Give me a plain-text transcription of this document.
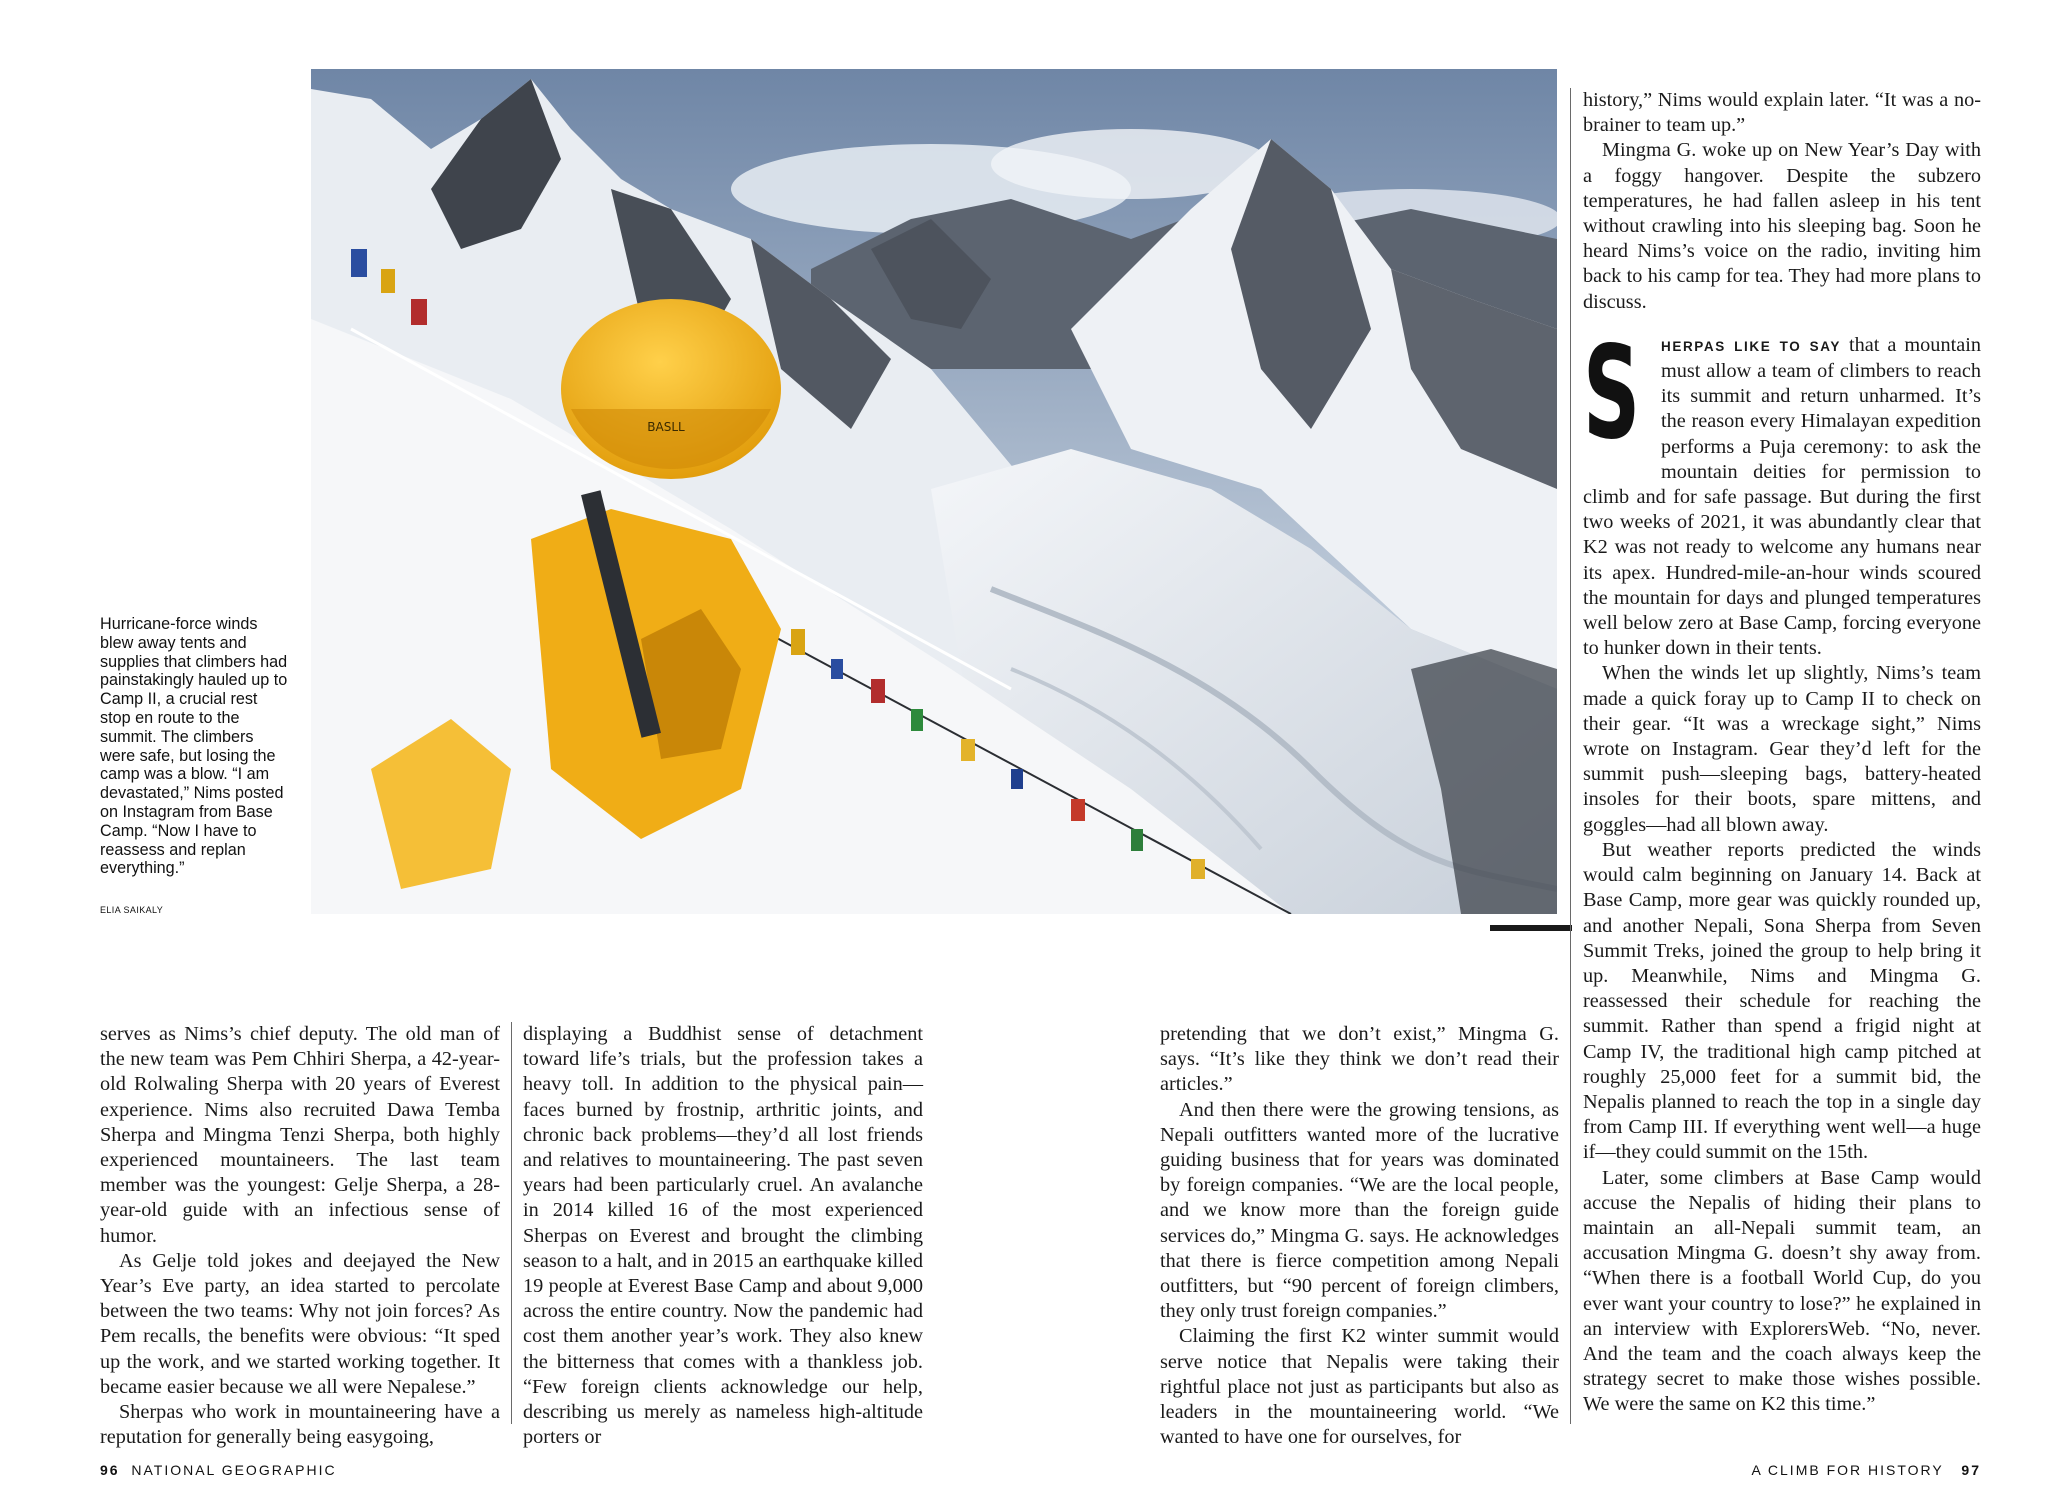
BASLL
Hurricane-force winds blew away tents and supplies that climbers had painstakingly hauled up to Camp II, a crucial rest stop en route to the summit. The climbers were safe, but losing the camp was a blow. “I am devastated,” Nims posted on Instagram from Base Camp. “Now I have to reassess and replan everything.”
ELIA SAIKALY

serves as Nims’s chief deputy. The old man of the new team was Pem Chhiri Sherpa, a 42-year-old Rolwaling Sherpa with 20 years of Everest experience. Nims also recruited Dawa Temba Sherpa and Mingma Tenzi Sherpa, both highly experienced mountaineers. The last team member was the youngest: Gelje Sherpa, a 28-year-old guide with an infectious sense of humor.

As Gelje told jokes and deejayed the New Year’s Eve party, an idea started to percolate between the two teams: Why not join forces? As Pem recalls, the benefits were obvious: “It sped up the work, and we started working together. It became easier because we all were Nepalese.”

Sherpas who work in mountaineering have a reputation for generally being easygoing,

displaying a Buddhist sense of detachment toward life’s trials, but the profession takes a heavy toll. In addition to the physical pain—faces burned by frostnip, arthritic joints, and chronic back problems—they’d all lost friends and relatives to mountaineering. The past seven years had been particularly cruel. An avalanche in 2014 killed 16 of the most experienced Sherpas on Everest and brought the climbing season to a halt, and in 2015 an earthquake killed 19 people at Everest Base Camp and about 9,000 across the entire country. Now the pandemic had cost them another year’s work. They also knew the bitterness that comes with a thankless job. “Few foreign clients acknowledge our help, describing us merely as nameless high-altitude porters or

pretending that we don’t exist,” Mingma G. says. “It’s like they think we don’t read their articles.”

And then there were the growing tensions, as Nepali outfitters wanted more of the lucrative guiding business that for years was dominated by foreign companies. “We are the local people, and we know more than the foreign guide services do,” Mingma G. says. He acknowledges that there is fierce competition among Nepali outfitters, but “90 percent of foreign climbers, they only trust foreign companies.”

Claiming the first K2 winter summit would serve notice that Nepalis were taking their rightful place not just as participants but also as leaders in the mountaineering world. “We wanted to have one for ourselves, for

history,” Nims would explain later. “It was a no-brainer to team up.”

Mingma G. woke up on New Year’s Day with a foggy hangover. Despite the subzero temperatures, he had fallen asleep in his tent without crawling into his sleeping bag. Soon he heard Nims’s voice on the radio, inviting him back to his camp for tea. They had more plans to discuss.

S HERPAS LIKE TO SAY that a mountain must allow a team of climbers to reach its summit and return unharmed. It’s the reason every Himalayan expedition performs a Puja ceremony: to ask the mountain deities for permission to climb and for safe passage. But during the first two weeks of 2021, it was abundantly clear that K2 was not ready to welcome any humans near its apex. Hundred-mile-an-hour winds scoured the mountain for days and plunged temperatures well below zero at Base Camp, forcing everyone to hunker down in their tents.

When the winds let up slightly, Nims’s team made a quick foray up to Camp II to check on their gear. “It was a wreckage sight,” Nims wrote on Instagram. Gear they’d left for the summit push—sleeping bags, battery-heated insoles for their boots, spare mittens, and goggles—had all blown away.

But weather reports predicted the winds would calm beginning on January 14. Back at Base Camp, more gear was quickly rounded up, and another Nepali, Sona Sherpa from Seven Summit Treks, joined the group to help bring it up. Meanwhile, Nims and Mingma G. reassessed their schedule for reaching the summit. Rather than spend a frigid night at Camp IV, the traditional high camp pitched at roughly 25,000 feet for a summit bid, the Nepalis planned to reach the top in a single day from Camp III. If everything went well—a huge if—they could summit on the 15th.

Later, some climbers at Base Camp would accuse the Nepalis of hiding their plans to maintain an all-Nepali summit team, an accusation Mingma G. doesn’t shy away from. “When there is a football World Cup, do you ever want your country to lose?” he explained in an interview with ExplorersWeb. “No, never. And the team and the coach always keep the strategy secret to make those wishes possible. We were the same on K2 this time.”

96 NATIONAL GEOGRAPHIC	A CLIMB FOR HISTORY 97
